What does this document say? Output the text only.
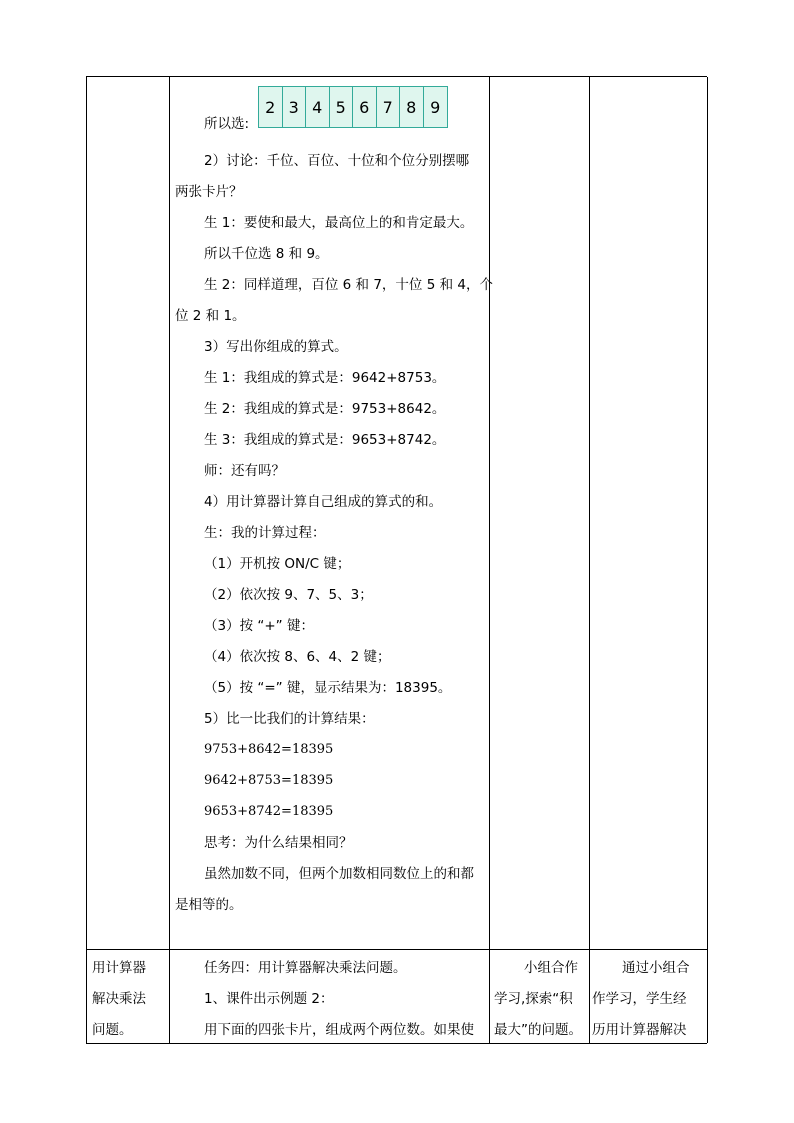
所以选:
2 3 4 5 6 7 8 9
2）讨论：千位、百位、十位和个位分别摆哪
两张卡片？
生 1：要使和最大，最高位上的和肯定最大。
所以千位选 8 和 9。
生 2：同样道理，百位 6 和 7，十位 5 和 4，个
位 2 和 1。
3）写出你组成的算式。
生 1：我组成的算式是：9642+8753。
生 2：我组成的算式是：9753+8642。
生 3：我组成的算式是：9653+8742。
师：还有吗？
4）用计算器计算自己组成的算式的和。
生：我的计算过程：
（1）开机按 ON/C 键；
（2）依次按 9、7、5、3；
（3）按 “+” 键：
（4）依次按 8、6、4、2 键；
（5）按 “=” 键，显示结果为：18395。
5）比一比我们的计算结果：
9753+8642=18395
9642+8753=18395
9653+8742=18395
思考：为什么结果相同？
虽然加数不同，但两个加数相同数位上的和都
是相等的。
用计算器
解决乘法
问题。
任务四：用计算器解决乘法问题。
1、课件出示例题 2：
用下面的四张卡片，组成两个两位数。如果使
小组合作
学习,探索“积
最大”的问题。
通过小组合
作学习，学生经
历用计算器解决
